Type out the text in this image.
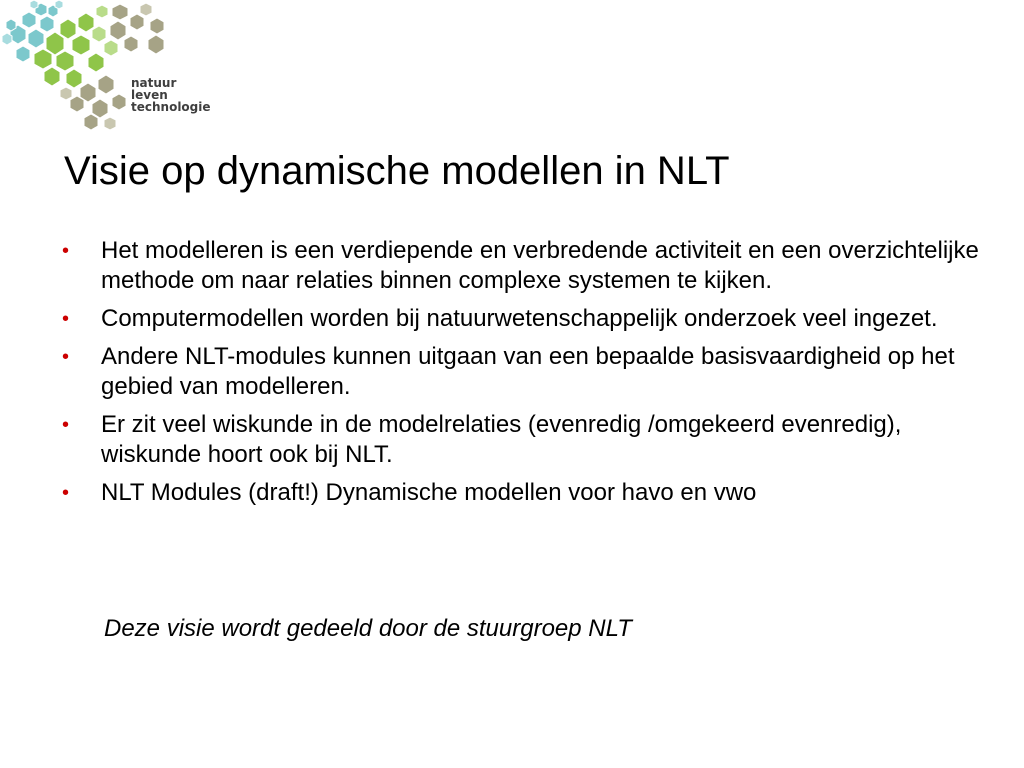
natuur
leven
technologie
Visie op dynamische modellen in NLT
• Het modelleren is een verdiepende en verbredende activiteit en een overzichtelijke methode om naar relaties binnen complexe systemen te kijken.
• Computermodellen worden bij natuurwetenschappelijk onderzoek veel ingezet.
• Andere NLT-modules kunnen uitgaan van een bepaalde basisvaardigheid op het gebied van modelleren.
• Er zit veel wiskunde in de modelrelaties (evenredig /omgekeerd evenredig), wiskunde hoort ook bij NLT.
• NLT Modules (draft!) Dynamische modellen voor havo en vwo
Deze visie wordt gedeeld door de stuurgroep NLT
